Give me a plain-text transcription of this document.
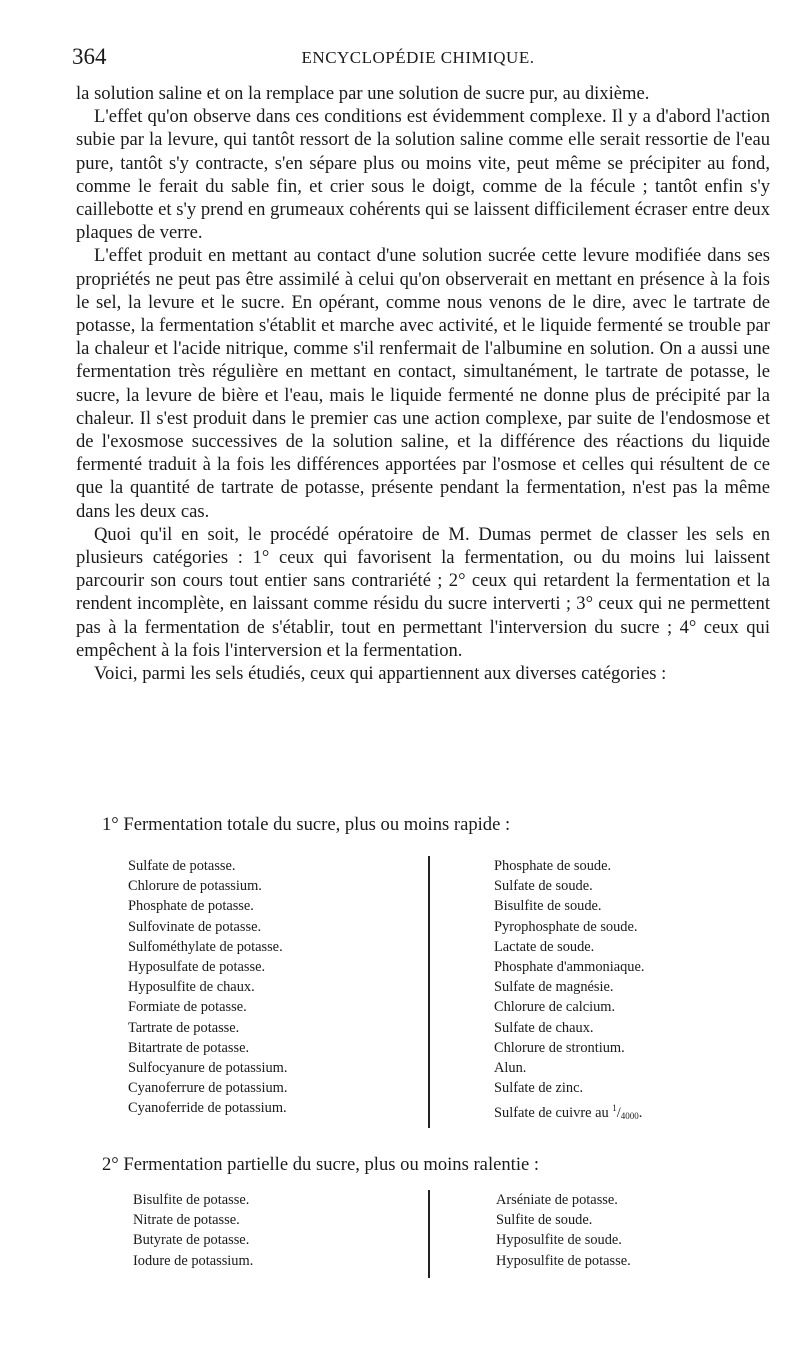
364	ENCYCLOPÉDIE CHIMIQUE.

la solution saline et on la remplace par une solution de sucre pur, au dixième.

L'effet qu'on observe dans ces conditions est évidemment complexe. Il y a d'abord l'action subie par la levure, qui tantôt ressort de la solution saline comme elle serait ressortie de l'eau pure, tantôt s'y contracte, s'en sépare plus ou moins vite, peut même se précipiter au fond, comme le ferait du sable fin, et crier sous le doigt, comme de la fécule ; tantôt enfin s'y caillebotte et s'y prend en grumeaux cohérents qui se laissent difficilement écraser entre deux plaques de verre.

L'effet produit en mettant au contact d'une solution sucrée cette levure modifiée dans ses propriétés ne peut pas être assimilé à celui qu'on observerait en mettant en présence à la fois le sel, la levure et le sucre. En opérant, comme nous venons de le dire, avec le tartrate de potasse, la fermentation s'établit et marche avec activité, et le liquide fermenté se trouble par la chaleur et l'acide nitrique, comme s'il renfermait de l'albumine en solution. On a aussi une fermentation très régulière en mettant en contact, simultanément, le tartrate de potasse, le sucre, la levure de bière et l'eau, mais le liquide fermenté ne donne plus de précipité par la chaleur. Il s'est produit dans le premier cas une action complexe, par suite de l'endosmose et de l'exosmose successives de la solution saline, et la différence des réactions du liquide fermenté traduit à la fois les différences apportées par l'osmose et celles qui résultent de ce que la quantité de tartrate de potasse, présente pendant la fermentation, n'est pas la même dans les deux cas.

Quoi qu'il en soit, le procédé opératoire de M. Dumas permet de classer les sels en plusieurs catégories : 1° ceux qui favorisent la fermentation, ou du moins lui laissent parcourir son cours tout entier sans contrariété ; 2° ceux qui retardent la fermentation et la rendent incomplète, en laissant comme résidu du sucre interverti ; 3° ceux qui ne permettent pas à la fermentation de s'établir, tout en permettant l'interversion du sucre ; 4° ceux qui empêchent à la fois l'interversion et la fermentation.

Voici, parmi les sels étudiés, ceux qui appartiennent aux diverses catégories :

1° Fermentation totale du sucre, plus ou moins rapide :
Sulfate de potasse.
Chlorure de potassium.
Phosphate de potasse.
Sulfovinate de potasse.
Sulfométhylate de potasse.
Hyposulfate de potasse.
Hyposulfite de chaux.
Formiate de potasse.
Tartrate de potasse.
Bitartrate de potasse.
Sulfocyanure de potassium.
Cyanoferrure de potassium.
Cyanoferride de potassium.
Phosphate de soude.
Sulfate de soude.
Bisulfite de soude.
Pyrophosphate de soude.
Lactate de soude.
Phosphate d'ammoniaque.
Sulfate de magnésie.
Chlorure de calcium.
Sulfate de chaux.
Chlorure de strontium.
Alun.
Sulfate de zinc.
Sulfate de cuivre au $^1/_{4000}$.
2° Fermentation partielle du sucre, plus ou moins ralentie :
Bisulfite de potasse.
Nitrate de potasse.
Butyrate de potasse.
Iodure de potassium.
Arséniate de potasse.
Sulfite de soude.
Hyposulfite de soude.
Hyposulfite de potasse.
